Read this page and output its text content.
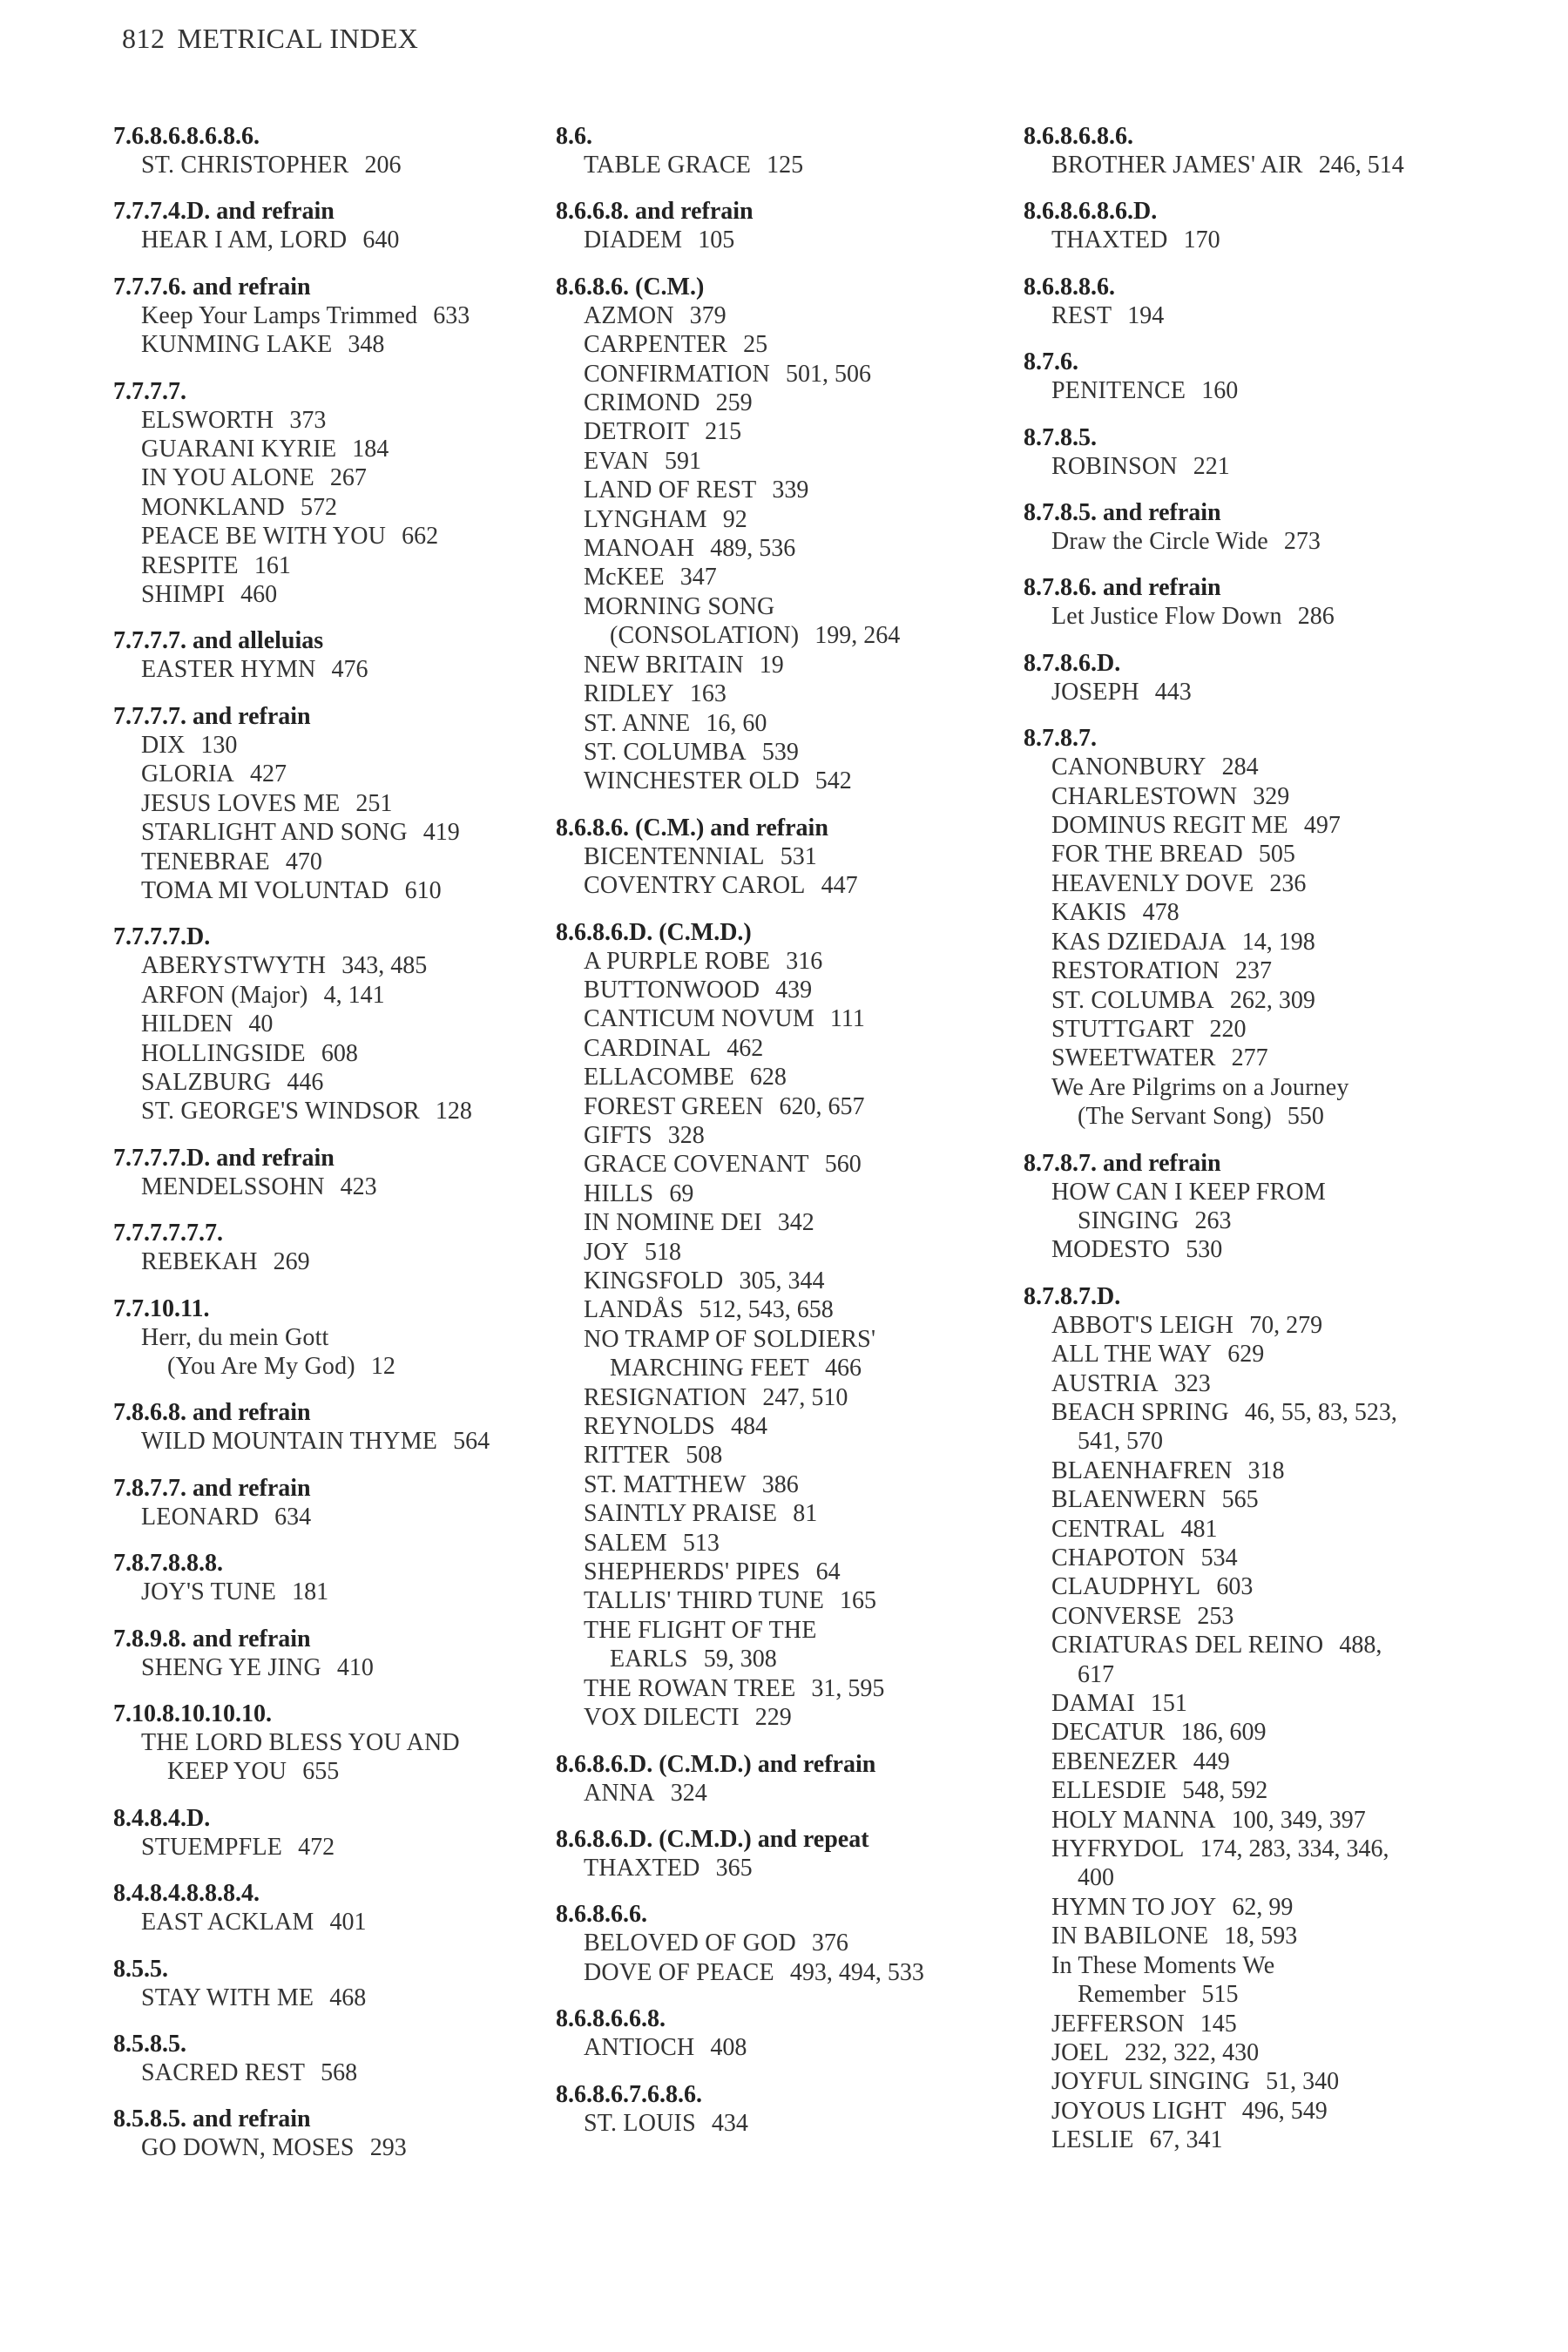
812 METRICAL INDEX
7.6.8.6.8.6.8.6.
ST. CHRISTOPHER 206
7.7.7.4.D. and refrain
HEAR I AM, LORD 640
7.7.7.6. and refrain
Keep Your Lamps Trimmed 633
KUNMING LAKE 348
7.7.7.7.
ELSWORTH 373
GUARANI KYRIE 184
IN YOU ALONE 267
MONKLAND 572
PEACE BE WITH YOU 662
RESPITE 161
SHIMPI 460
7.7.7.7. and alleluias
EASTER HYMN 476
7.7.7.7. and refrain
DIX 130
GLORIA 427
JESUS LOVES ME 251
STARLIGHT AND SONG 419
TENEBRAE 470
TOMA MI VOLUNTAD 610
7.7.7.7.D.
ABERYSTWYTH 343, 485
ARFON (Major) 4, 141
HILDEN 40
HOLLINGSIDE 608
SALZBURG 446
ST. GEORGE'S WINDSOR 128
7.7.7.7.D. and refrain
MENDELSSOHN 423
7.7.7.7.7.7.
REBEKAH 269
7.7.10.11.
Herr, du mein Gott
(You Are My God) 12
7.8.6.8. and refrain
WILD MOUNTAIN THYME 564
7.8.7.7. and refrain
LEONARD 634
7.8.7.8.8.8.
JOY'S TUNE 181
7.8.9.8. and refrain
SHENG YE JING 410
7.10.8.10.10.10.
THE LORD BLESS YOU AND
KEEP YOU 655
8.4.8.4.D.
STUEMPFLE 472
8.4.8.4.8.8.8.4.
EAST ACKLAM 401
8.5.5.
STAY WITH ME 468
8.5.8.5.
SACRED REST 568
8.5.8.5. and refrain
GO DOWN, MOSES 293
8.6.
TABLE GRACE 125
8.6.6.8. and refrain
DIADEM 105
8.6.8.6. (C.M.)
AZMON 379
CARPENTER 25
CONFIRMATION 501, 506
CRIMOND 259
DETROIT 215
EVAN 591
LAND OF REST 339
LYNGHAM 92
MANOAH 489, 536
McKEE 347
MORNING SONG
(CONSOLATION) 199, 264
NEW BRITAIN 19
RIDLEY 163
ST. ANNE 16, 60
ST. COLUMBA 539
WINCHESTER OLD 542
8.6.8.6. (C.M.) and refrain
BICENTENNIAL 531
COVENTRY CAROL 447
8.6.8.6.D. (C.M.D.)
A PURPLE ROBE 316
BUTTONWOOD 439
CANTICUM NOVUM 111
CARDINAL 462
ELLACOMBE 628
FOREST GREEN 620, 657
GIFTS 328
GRACE COVENANT 560
HILLS 69
IN NOMINE DEI 342
JOY 518
KINGSFOLD 305, 344
LANDÅS 512, 543, 658
NO TRAMP OF SOLDIERS'
MARCHING FEET 466
RESIGNATION 247, 510
REYNOLDS 484
RITTER 508
ST. MATTHEW 386
SAINTLY PRAISE 81
SALEM 513
SHEPHERDS' PIPES 64
TALLIS' THIRD TUNE 165
THE FLIGHT OF THE
EARLS 59, 308
THE ROWAN TREE 31, 595
VOX DILECTI 229
8.6.8.6.D. (C.M.D.) and refrain
ANNA 324
8.6.8.6.D. (C.M.D.) and repeat
THAXTED 365
8.6.8.6.6.
BELOVED OF GOD 376
DOVE OF PEACE 493, 494, 533
8.6.8.6.6.8.
ANTIOCH 408
8.6.8.6.7.6.8.6.
ST. LOUIS 434
8.6.8.6.8.6.
BROTHER JAMES' AIR 246, 514
8.6.8.6.8.6.D.
THAXTED 170
8.6.8.8.6.
REST 194
8.7.6.
PENITENCE 160
8.7.8.5.
ROBINSON 221
8.7.8.5. and refrain
Draw the Circle Wide 273
8.7.8.6. and refrain
Let Justice Flow Down 286
8.7.8.6.D.
JOSEPH 443
8.7.8.7.
CANONBURY 284
CHARLESTOWN 329
DOMINUS REGIT ME 497
FOR THE BREAD 505
HEAVENLY DOVE 236
KAKIS 478
KAS DZIEDAJA 14, 198
RESTORATION 237
ST. COLUMBA 262, 309
STUTTGART 220
SWEETWATER 277
We Are Pilgrims on a Journey
(The Servant Song) 550
8.7.8.7. and refrain
HOW CAN I KEEP FROM
SINGING 263
MODESTO 530
8.7.8.7.D.
ABBOT'S LEIGH 70, 279
ALL THE WAY 629
AUSTRIA 323
BEACH SPRING 46, 55, 83, 523,
541, 570
BLAENHAFREN 318
BLAENWERN 565
CENTRAL 481
CHAPOTON 534
CLAUDPHYL 603
CONVERSE 253
CRIATURAS DEL REINO 488,
617
DAMAI 151
DECATUR 186, 609
EBENEZER 449
ELLESDIE 548, 592
HOLY MANNA 100, 349, 397
HYFRYDOL 174, 283, 334, 346,
400
HYMN TO JOY 62, 99
IN BABILONE 18, 593
In These Moments We
Remember 515
JEFFERSON 145
JOEL 232, 322, 430
JOYFUL SINGING 51, 340
JOYOUS LIGHT 496, 549
LESLIE 67, 341
